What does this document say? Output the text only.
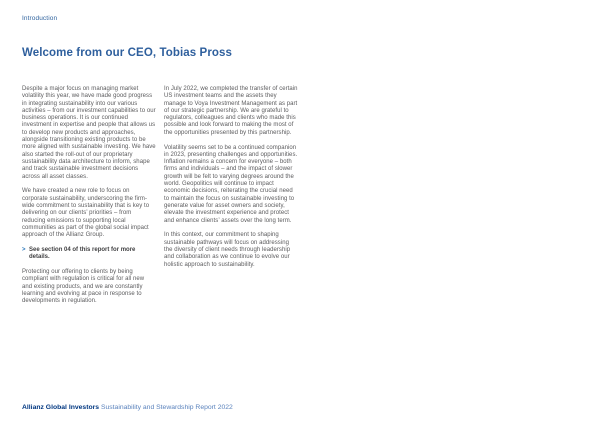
Introduction
Welcome from our CEO, Tobias Pross

Despite a major focus on managing market volatility this year, we have made good progress in integrating sustainability into our various activities – from our investment capabilities to our business operations. It is our continued investment in expertise and people that allows us to develop new products and approaches, alongside transitioning existing products to be more aligned with sustainable investing. We have also started the roll-out of our proprietary sustainability data architecture to inform, shape and track sustainable investment decisions across all asset classes.

We have created a new role to focus on corporate sustainability, underscoring the firm-wide commitment to sustainability that is key to delivering on our clients’ priorities – from reducing emissions to supporting local communities as part of the global social impact approach of the Allianz Group.

> See section 04 of this report for more details.

Protecting our offering to clients by being compliant with regulation is critical for all new and existing products, and we are constantly learning and evolving at pace in response to developments in regulation.

In July 2022, we completed the transfer of certain US investment teams and the assets they manage to Voya Investment Management as part of our strategic partnership. We are grateful to regulators, colleagues and clients who made this possible and look forward to making the most of the opportunities presented by this partnership.

Volatility seems set to be a continued companion in 2023, presenting challenges and opportunities. Inflation remains a concern for everyone – both firms and individuals – and the impact of slower growth will be felt to varying degrees around the world. Geopolitics will continue to impact economic decisions, reiterating the crucial need to maintain the focus on sustainable investing to generate value for asset owners and society, elevate the investment experience and protect and enhance clients’ assets over the long term.

In this context, our commitment to shaping sustainable pathways will focus on addressing the diversity of client needs through leadership and collaboration as we continue to evolve our holistic approach to sustainability.

Allianz Global Investors Sustainability and Stewardship Report 2022
